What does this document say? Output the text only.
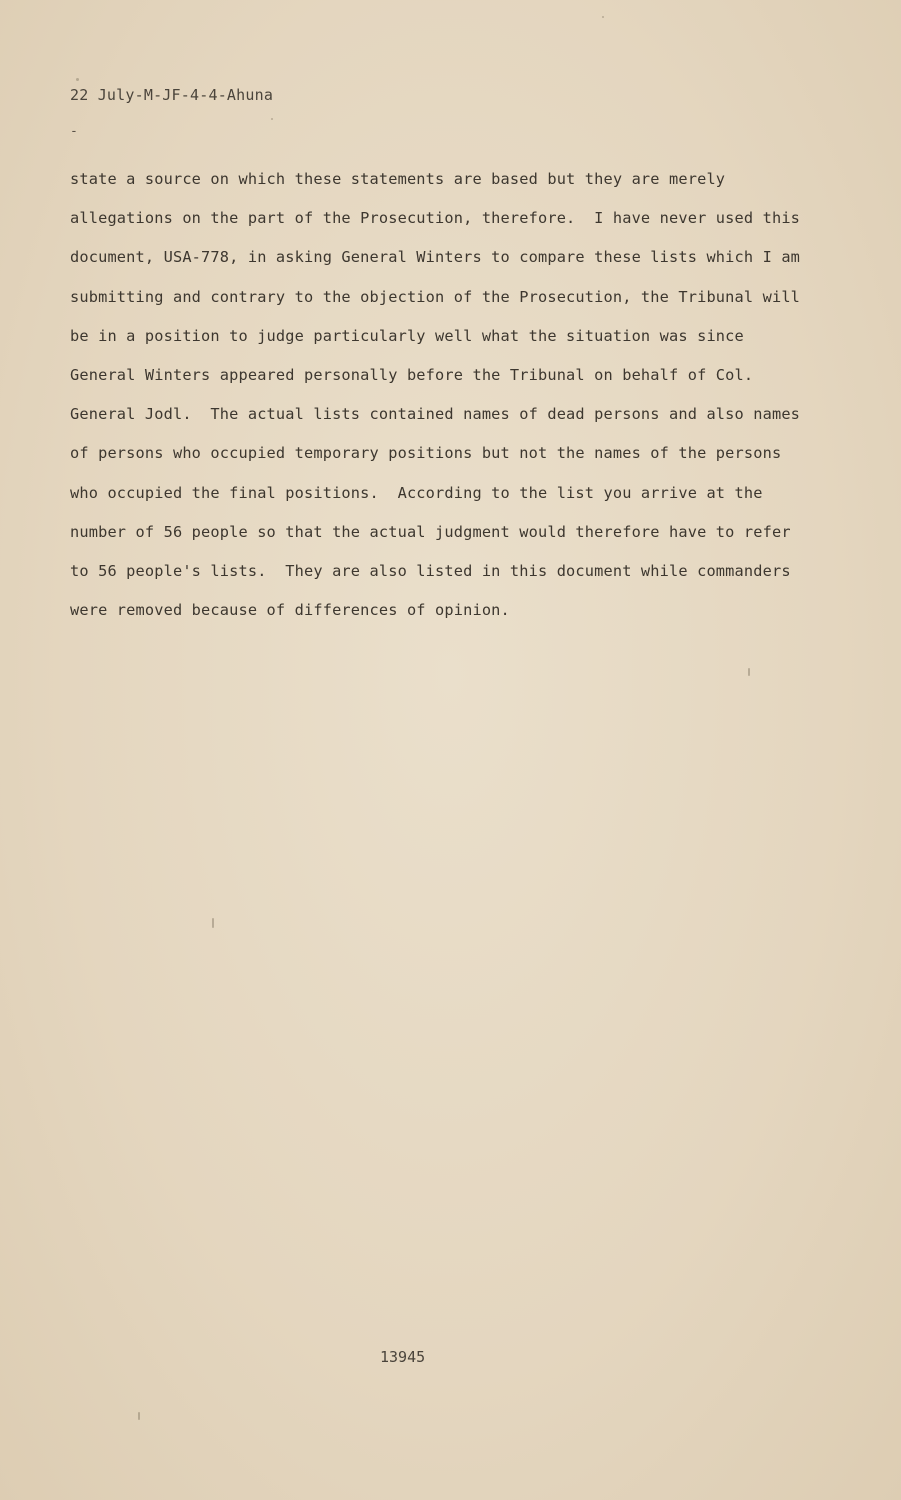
22 July-M-JF-4-4-Ahuna
-
state a source on which these statements are based but they are merely
allegations on the part of the Prosecution, therefore.  I have never used this
document, USA-778, in asking General Winters to compare these lists which I am
submitting and contrary to the objection of the Prosecution, the Tribunal will
be in a position to judge particularly well what the situation was since
General Winters appeared personally before the Tribunal on behalf of Col.
General Jodl.  The actual lists contained names of dead persons and also names
of persons who occupied temporary positions but not the names of the persons
who occupied the final positions.  According to the list you arrive at the
number of 56 people so that the actual judgment would therefore have to refer
to 56 people's lists.  They are also listed in this document while commanders
were removed because of differences of opinion.
13945
